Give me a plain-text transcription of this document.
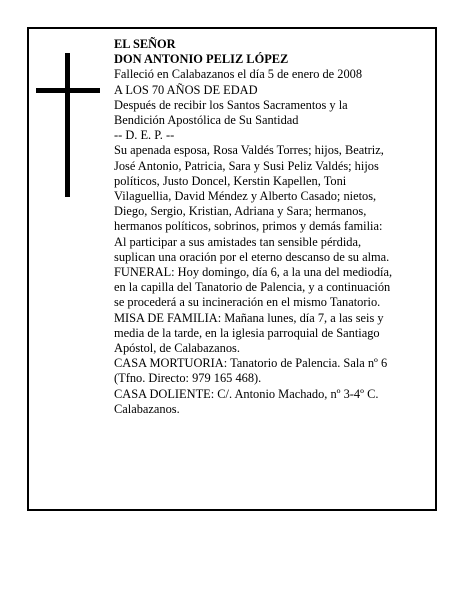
EL SEÑOR
DON ANTONIO PELIZ LÓPEZ

Falleció en Calabazanos el día 5 de enero de 2008

A LOS 70 AÑOS DE EDAD

Después de recibir los Santos Sacramentos y la
Bendición Apostólica de Su Santidad

-- D. E. P. --

Su apenada esposa, Rosa Valdés Torres; hijos, Beatriz,
José Antonio, Patricia, Sara y Susi Peliz Valdés; hijos
políticos, Justo Doncel, Kerstin Kapellen, Toni
Vilaguellia, David Méndez y Alberto Casado; nietos,
Diego, Sergio, Kristian, Adriana y Sara; hermanos,
hermanos políticos, sobrinos, primos y demás familia:
Al participar a sus amistades tan sensible pérdida,
suplican una oración por el eterno descanso de su alma.

FUNERAL: Hoy domingo, día 6, a la una del mediodía,
en la capilla del Tanatorio de Palencia, y a continuación
se procederá a su incineración en el mismo Tanatorio.

MISA DE FAMILIA: Mañana lunes, día 7, a las seis y
media de la tarde, en la iglesia parroquial de Santiago
Apóstol, de Calabazanos.

CASA MORTUORIA: Tanatorio de Palencia. Sala nº 6
(Tfno. Directo: 979 165 468).

CASA DOLIENTE: C/. Antonio Machado, nº 3-4º C.
Calabazanos.
